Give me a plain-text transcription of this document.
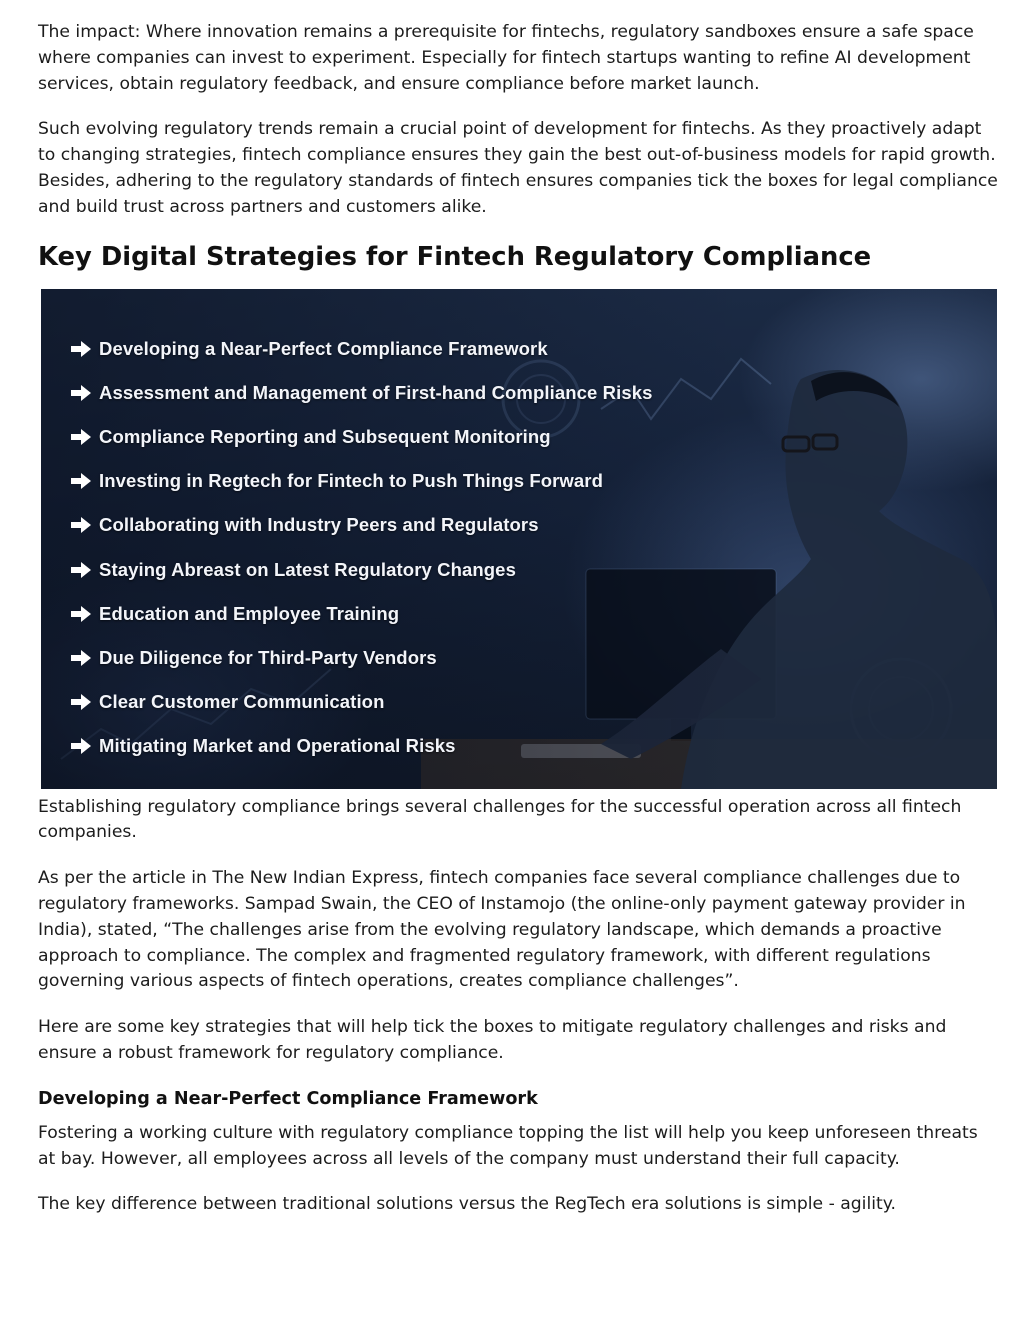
The impact: Where innovation remains a prerequisite for fintechs, regulatory sandboxes ensure a safe space where companies can invest to experiment. Especially for fintech startups wanting to refine AI development services, obtain regulatory feedback, and ensure compliance before market launch.

Such evolving regulatory trends remain a crucial point of development for fintechs. As they proactively adapt to changing strategies, fintech compliance ensures they gain the best out-of-business models for rapid growth. Besides, adhering to the regulatory standards of fintech ensures companies tick the boxes for legal compliance and build trust across partners and customers alike.

Key Digital Strategies for Fintech Regulatory Compliance
Developing a Near-Perfect Compliance Framework
Assessment and Management of First-hand Compliance Risks
Compliance Reporting and Subsequent Monitoring
Investing in Regtech for Fintech to Push Things Forward
Collaborating with Industry Peers and Regulators
Staying Abreast on Latest Regulatory Changes
Education and Employee Training
Due Diligence for Third-Party Vendors
Clear Customer Communication
Mitigating Market and Operational Risks

Establishing regulatory compliance brings several challenges for the successful operation across all fintech companies.

As per the article in The New Indian Express, fintech companies face several compliance challenges due to regulatory frameworks. Sampad Swain, the CEO of Instamojo (the online-only payment gateway provider in India), stated, “The challenges arise from the evolving regulatory landscape, which demands a proactive approach to compliance. The complex and fragmented regulatory framework, with different regulations governing various aspects of fintech operations, creates compliance challenges”.

Here are some key strategies that will help tick the boxes to mitigate regulatory challenges and risks and ensure a robust framework for regulatory compliance.

Developing a Near-Perfect Compliance Framework

Fostering a working culture with regulatory compliance topping the list will help you keep unforeseen threats at bay. However, all employees across all levels of the company must understand their full capacity.

The key difference between traditional solutions versus the RegTech era solutions is simple - agility.
